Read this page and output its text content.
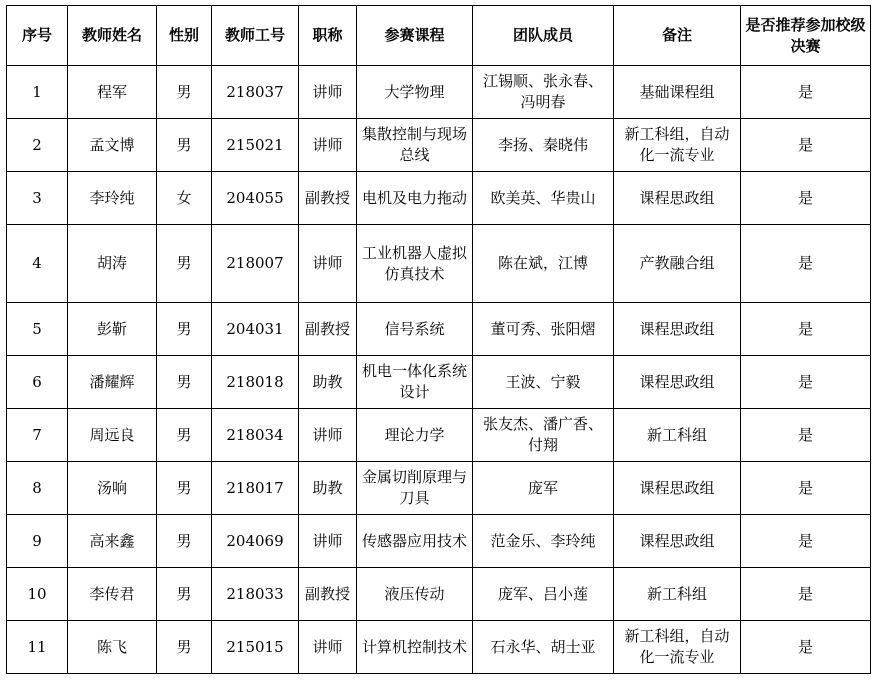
序号	教师姓名	性别	教师工号	职称	参赛课程	团队成员	备注	是否推荐参加校级决赛
1	程军	男	218037	讲师	大学物理	江锡顺、张永春、冯明春	基础课程组	是
2	孟文博	男	215021	讲师	集散控制与现场总线	李扬、秦晓伟	新工科组，自动化一流专业	是
3	李玲纯	女	204055	副教授	电机及电力拖动	欧美英、华贵山	课程思政组	是
4	胡涛	男	218007	讲师	工业机器人虚拟仿真技术	陈在斌，江博	产教融合组	是
5	彭靳	男	204031	副教授	信号系统	董可秀、张阳熠	课程思政组	是
6	潘耀辉	男	218018	助教	机电一体化系统设计	王波、宁毅	课程思政组	是
7	周远良	男	218034	讲师	理论力学	张友杰、潘广香、付翔	新工科组	是
8	汤响	男	218017	助教	金属切削原理与刀具	庞军	课程思政组	是
9	高来鑫	男	204069	讲师	传感器应用技术	范金乐、李玲纯	课程思政组	是
10	李传君	男	218033	副教授	液压传动	庞军、吕小莲	新工科组	是
11	陈飞	男	215015	讲师	计算机控制技术	石永华、胡士亚	新工科组，自动化一流专业	是
